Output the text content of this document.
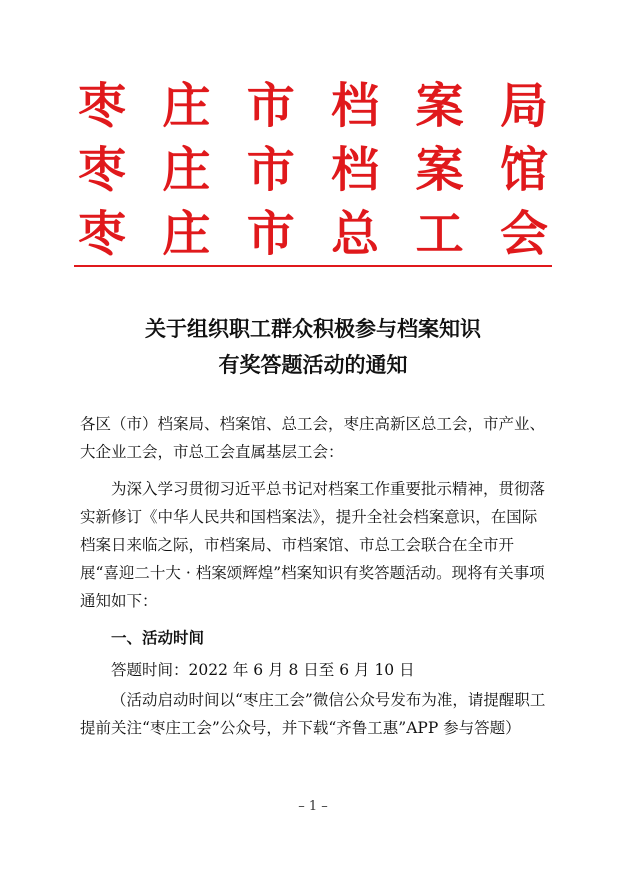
枣 庄 市 档 案 局
枣 庄 市 档 案 馆
枣 庄 市 总 工 会
关于组织职工群众积极参与档案知识
有奖答题活动的通知
各区（市）档案局、档案馆、总工会，枣庄高新区总工会，市产业、大企业工会，市总工会直属基层工会：
为深入学习贯彻习近平总书记对档案工作重要批示精神，贯彻落实新修订《中华人民共和国档案法》，提升全社会档案意识，在国际档案日来临之际，市档案局、市档案馆、市总工会联合在全市开展“喜迎二十大 · 档案颂辉煌”档案知识有奖答题活动。现将有关事项通知如下：
一、活动时间
答题时间：2022 年 6 月 8 日至 6 月 10 日
（活动启动时间以“枣庄工会”微信公众号发布为准，请提醒职工提前关注“枣庄工会”公众号，并下载“齐鲁工惠”APP 参与答题）
– 1 –
